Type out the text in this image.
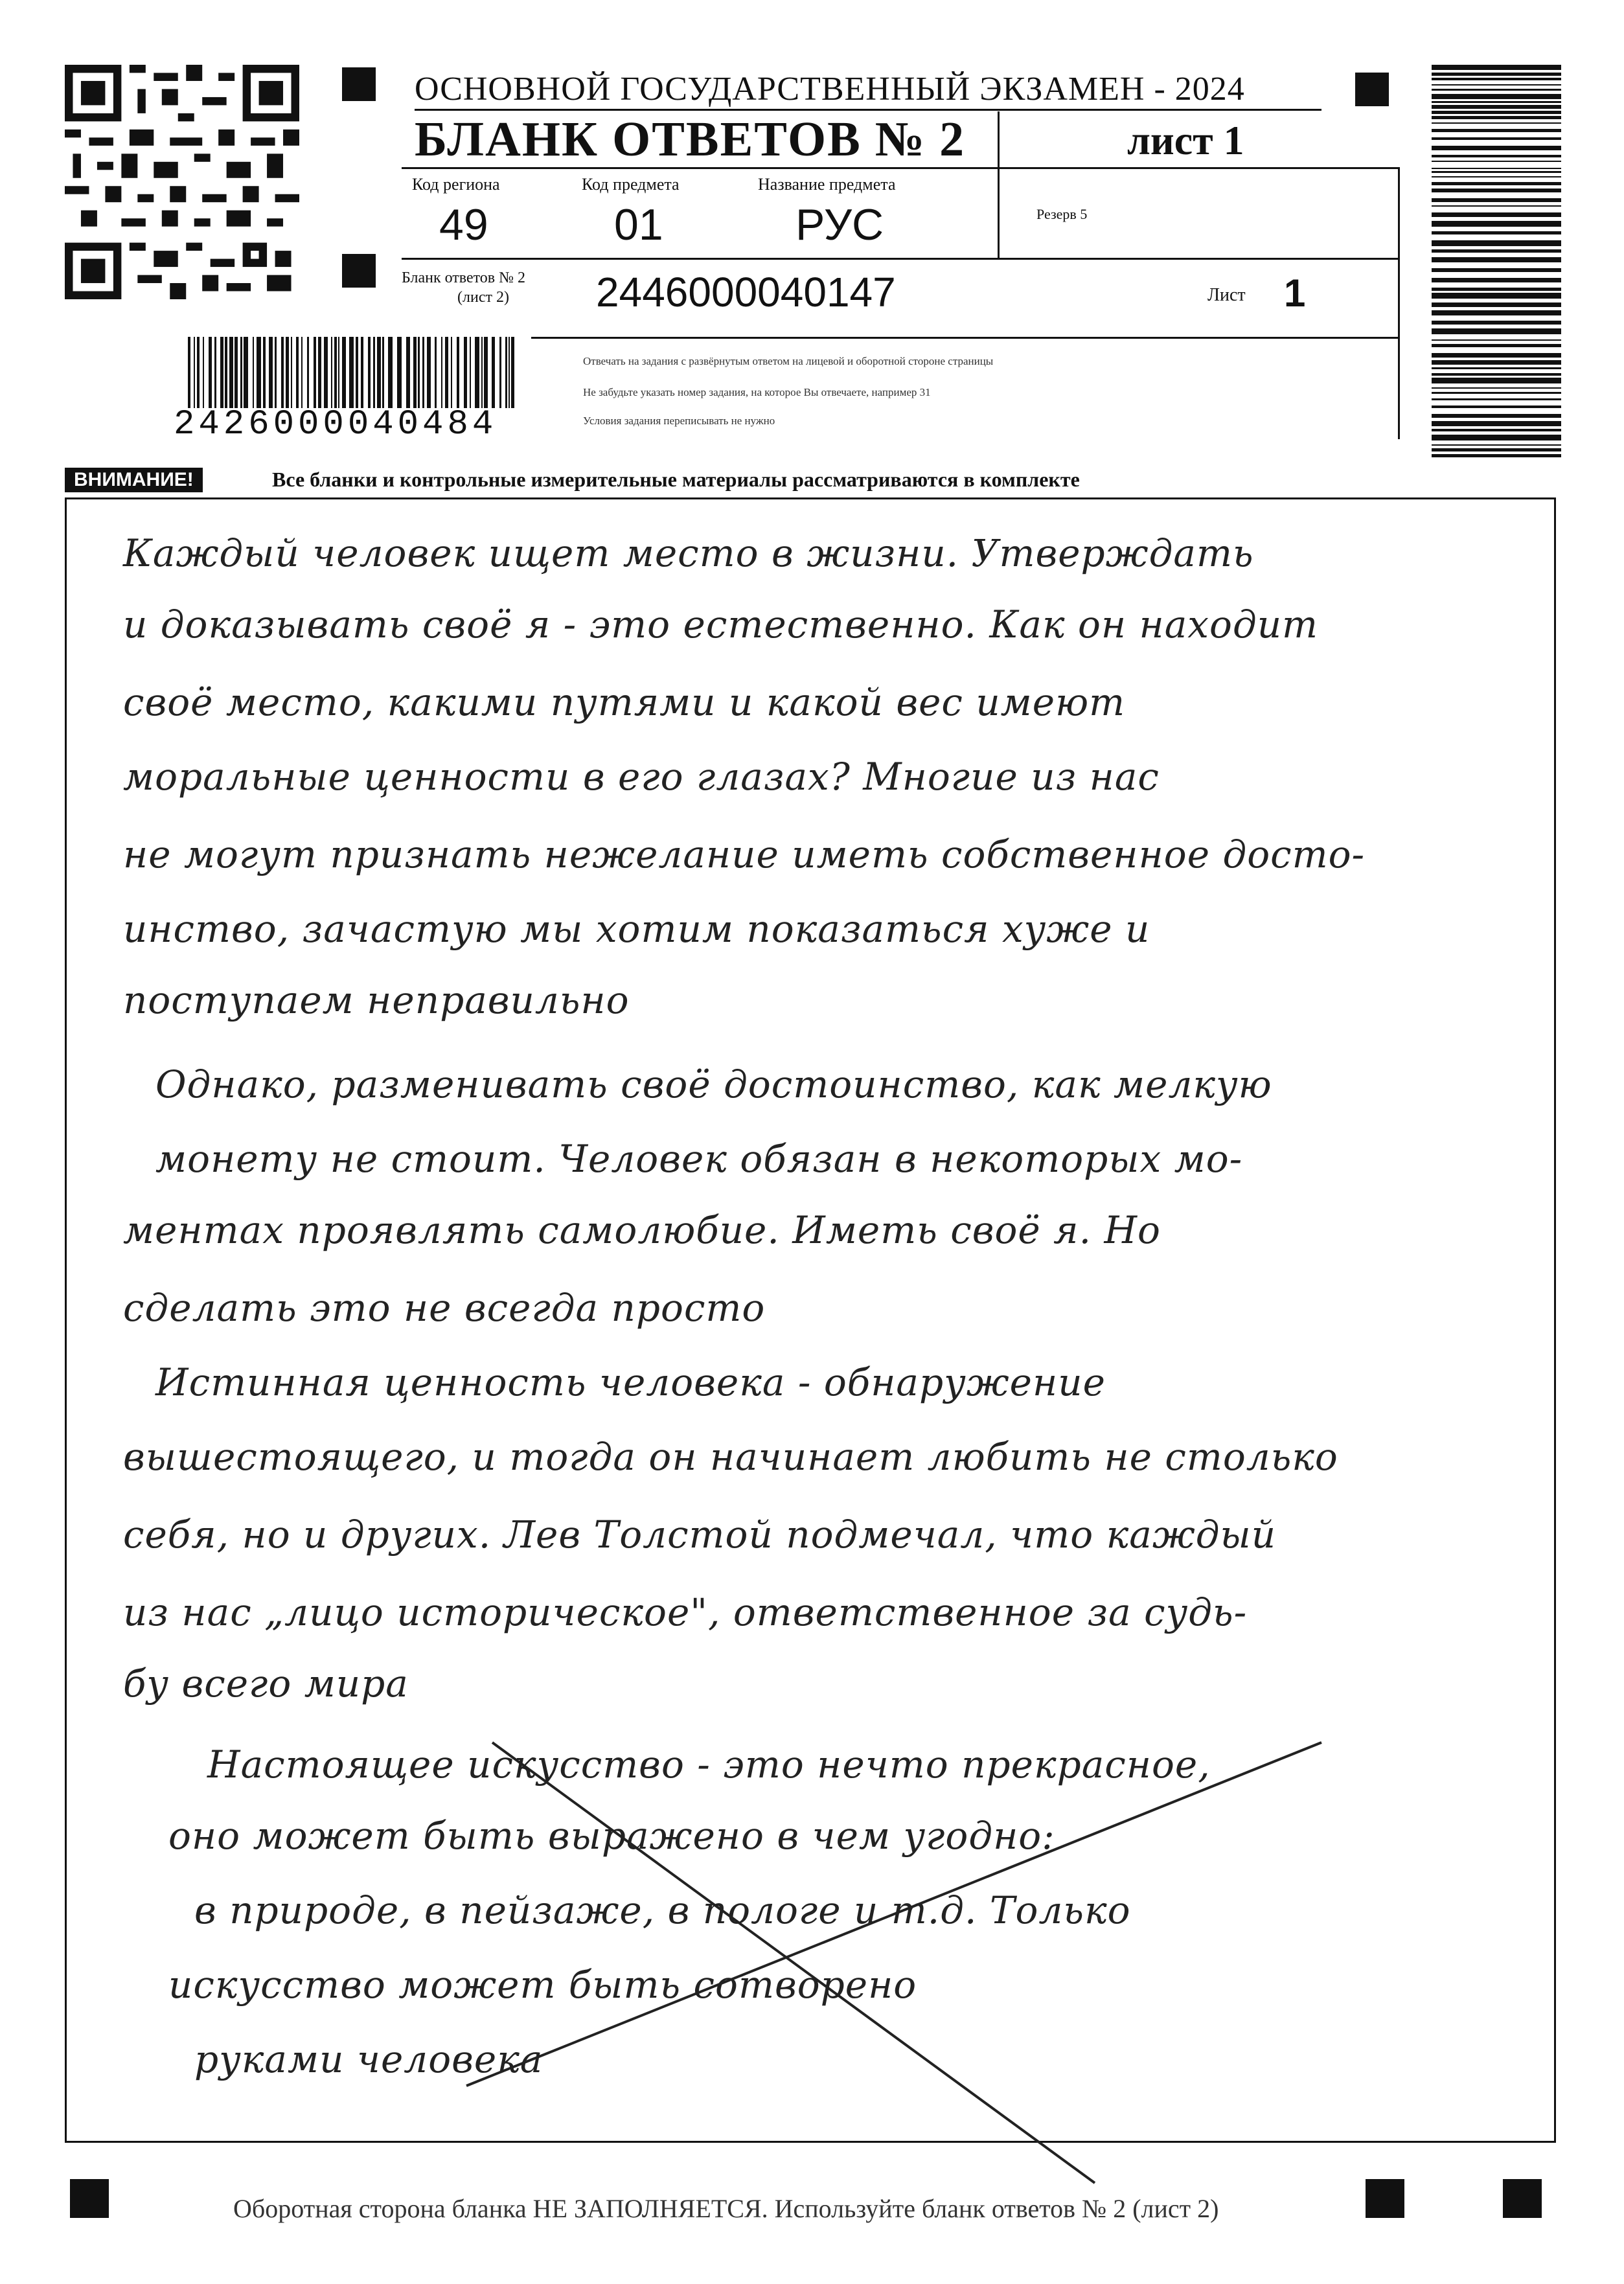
ОСНОВНОЙ ГОСУДАРСТВЕННЫЙ ЭКЗАМЕН - 2024
БЛАНК ОТВЕТОВ № 2	лист 1
Код региона
49
Код предмета
01
Название предмета
РУС	Резерв 5
Бланк ответов № 2
(лист 2) 2446000040147	Лист 1
Отвечать на задания с развёрнутым ответом на лицевой и оборотной стороне страницы
Не забудьте указать номер задания, на которое Вы отвечаете, например 31
Условия задания переписывать не нужно
2426000040484
ВНИМАНИЕ!	Все бланки и контрольные измерительные материалы рассматриваются в комплекте
Каждый человек ищет место в жизни. Утверждать
и доказывать своё я - это естественно. Как он находит
своё место, какими путями и какой вес имеют
моральные ценности в его глазах? Многие из нас
не могут признать нежелание иметь собственное досто-
инство, зачастую мы хотим показаться хуже и
поступаем неправильно
Однако, разменивать своё достоинство, как мелкую
монету не стоит. Человек обязан в некоторых мо-
ментах проявлять самолюбие. Иметь своё я. Но
сделать это не всегда просто
Истинная ценность человека - обнаружение
вышестоящего, и тогда он начинает любить не столько
себя, но и других. Лев Толстой подмечал, что каждый
из нас „лицо историческое", ответственное за судь-
бу всего мира
Настоящее искусство - это нечто прекрасное,
оно может быть выражено в чем угодно:
в природе, в пейзаже, в пологе и т.д. Только
искусство может быть сотворено
руками человека
Оборотная сторона бланка НЕ ЗАПОЛНЯЕТСЯ. Используйте бланк ответов № 2 (лист 2)
